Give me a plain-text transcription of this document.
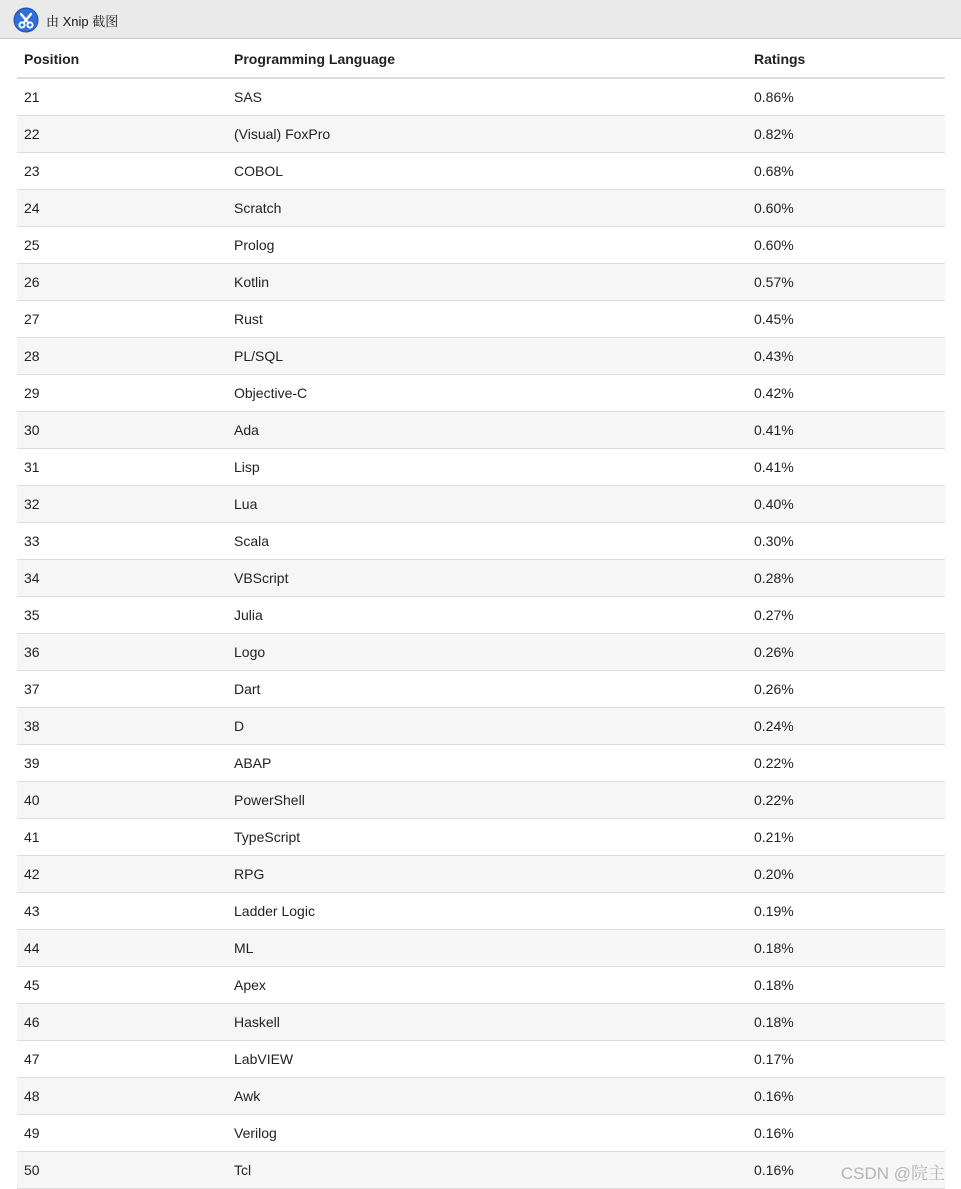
由 Xnip 截图
Position	Programming Language	Ratings
21	SAS	0.86%
22	(Visual) FoxPro	0.82%
23	COBOL	0.68%
24	Scratch	0.60%
25	Prolog	0.60%
26	Kotlin	0.57%
27	Rust	0.45%
28	PL/SQL	0.43%
29	Objective-C	0.42%
30	Ada	0.41%
31	Lisp	0.41%
32	Lua	0.40%
33	Scala	0.30%
34	VBScript	0.28%
35	Julia	0.27%
36	Logo	0.26%
37	Dart	0.26%
38	D	0.24%
39	ABAP	0.22%
40	PowerShell	0.22%
41	TypeScript	0.21%
42	RPG	0.20%
43	Ladder Logic	0.19%
44	ML	0.18%
45	Apex	0.18%
46	Haskell	0.18%
47	LabVIEW	0.17%
48	Awk	0.16%
49	Verilog	0.16%
50	Tcl	0.16%	CSDN @院主
